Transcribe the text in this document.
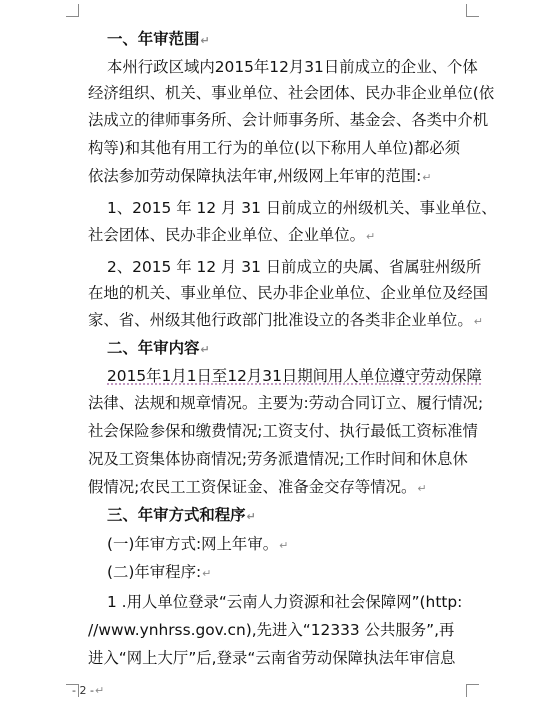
一、年审范围↵
本州行政区域内2015年12月31日前成立的企业、个体
经济组织、机关、事业单位、社会团体、民办非企业单位(依
法成立的律师事务所、会计师事务所、基金会、各类中介机
构等)和其他有用工行为的单位(以下称用人单位)都必须
依法参加劳动保障执法年审,州级网上年审的范围:↵
1、2015 年 12 月 31 日前成立的州级机关、事业单位、
社会团体、民办非企业单位、企业单位。↵
2、2015 年 12 月 31 日前成立的央属、省属驻州级所
在地的机关、事业单位、民办非企业单位、企业单位及经国
家、省、州级其他行政部门批准设立的各类非企业单位。↵
二、年审内容↵
2015年1月1日至12月31日期间用人单位遵守劳动保障
法律、法规和规章情况。主要为:劳动合同订立、履行情况;
社会保险参保和缴费情况;工资支付、执行最低工资标准情
况及工资集体协商情况;劳务派遣情况;工作时间和休息休
假情况;农民工工资保证金、准备金交存等情况。↵
三、年审方式和程序↵
(一)年审方式:网上年审。↵
(二)年审程序:↵
1 .用人单位登录“云南人力资源和社会保障网”(http:
//www.ynhrss.gov.cn),先进入“12333 公共服务”,再
进入“网上大厅”后,登录“云南省劳动保障执法年审信息
- 2 -↵
